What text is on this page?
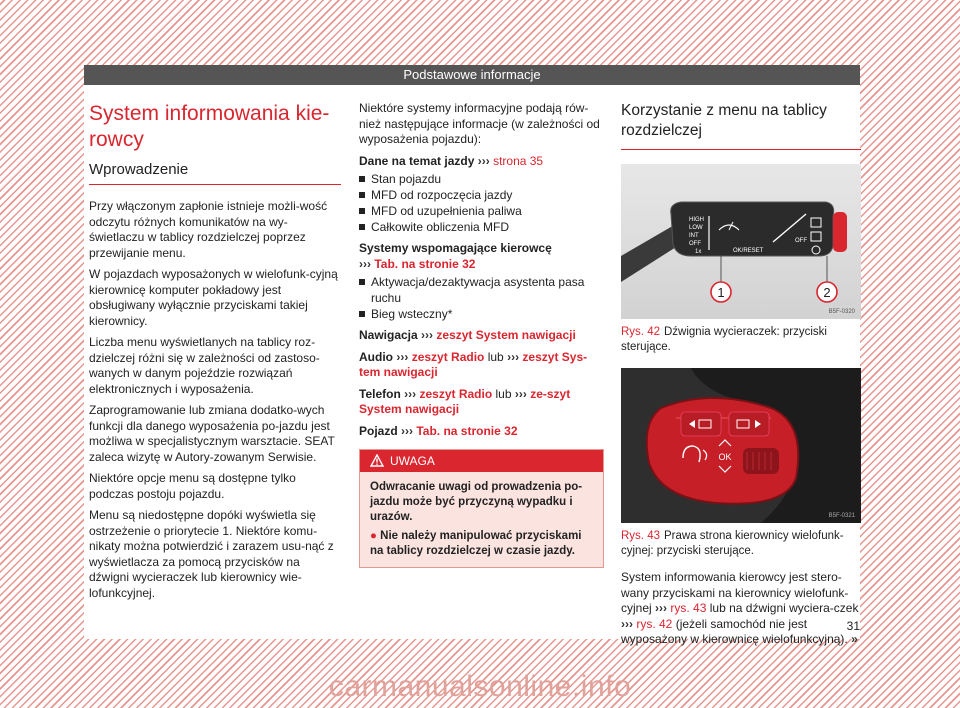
Podstawowe informacje
System informowania kie-
rowcy
Wprowadzenie

Przy włączonym zapłonie istnieje możli-wość odczytu różnych komunikatów na wy-świetlaczu w tablicy rozdzielczej poprzez przewijanie menu.

W pojazdach wyposażonych w wielofunk-cyjną kierownicę komputer pokładowy jest obsługiwany wyłącznie przyciskami takiej kierownicy.

Liczba menu wyświetlanych na tablicy roz-dzielczej różni się w zależności od zastoso-wanych w danym pojeździe rozwiązań elektronicznych i wyposażenia.

Zaprogramowanie lub zmiana dodatko-wych funkcji dla danego wyposażenia po-jazdu jest możliwa w specjalistycznym warsztacie. SEAT zaleca wizytę w Autory-zowanym Serwisie.

Niektóre opcje menu są dostępne tylko podczas postoju pojazdu.

Menu są niedostępne dopóki wyświetla się ostrzeżenie o priorytecie 1. Niektóre komu-nikaty można potwierdzić i zarazem usu-nąć z wyświetlacza za pomocą przycisków na dźwigni wycieraczek lub kierownicy wie-lofunkcyjnej.

Niektóre systemy informacyjne podają rów-nież następujące informacje (w zależności od wyposażenia pojazdu):

Dane na temat jazdy ››› strona 35

Stan pojazdu
MFD od rozpoczęcia jazdy
MFD od uzupełnienia paliwa
Całkowite obliczenia MFD

Systemy wspomagające kierowcę
››› Tab. na stronie 32

Aktywacja/dezaktywacja asystenta pasa ruchu
Bieg wsteczny*

Nawigacja ››› zeszyt System nawigacji

Audio ››› zeszyt Radio lub ››› zeszyt Sys-tem nawigacji

Telefon ››› zeszyt Radio lub ››› ze-szyt System nawigacji

Pojazd ››› Tab. na stronie 32

UWAGA
Odwracanie uwagi od prowadzenia po-jazdu może być przyczyną wypadku i urazów.
● Nie należy manipulować przyciskami na tablicy rozdzielczej w czasie jazdy.
Korzystanie z menu na tablicy
rozdzielczej
HIGH
LOW
INT
OFF
1x	OK/RESET
OFF
1	2
B5F-0320
Rys. 42 Dźwignia wycieraczek: przyciski sterujące.
OK
B5F-0321
Rys. 43 Prawa strona kierownicy wielofunk-cyjnej: przyciski sterujące.

System informowania kierowcy jest stero-wany przyciskami na kierownicy wielofunk-cyjnej ››› rys. 43 lub na dźwigni wyciera-czek ››› rys. 42 (jeżeli samochód nie jest wyposażony w kierownicę wielofunkcyjną). »

31
carmanualsonline.info
